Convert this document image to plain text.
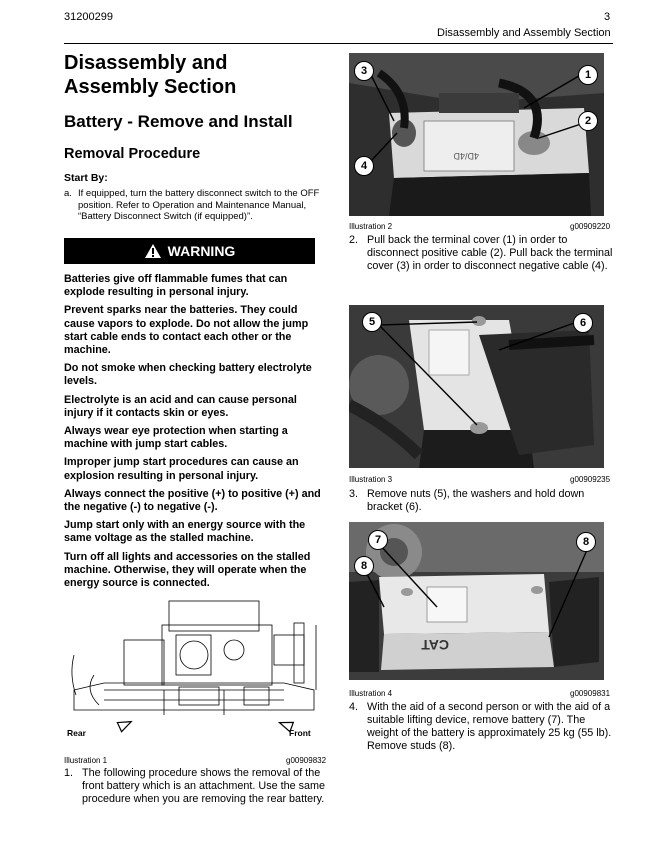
31200299	3
Disassembly and Assembly Section
Disassembly and
Assembly Section
Battery - Remove and Install
Removal Procedure
Start By:
a. If equipped, turn the battery disconnect switch to the OFF position. Refer to Operation and Maintenance Manual, “Battery Disconnect Switch (if equipped)”.
WARNING

Batteries give off flammable fumes that can explode resulting in personal injury.

Prevent sparks near the batteries. They could cause vapors to explode. Do not allow the jump start cable ends to contact each other or the machine.

Do not smoke when checking battery electrolyte levels.

Electrolyte is an acid and can cause personal injury if it contacts skin or eyes.

Always wear eye protection when starting a machine with jump start cables.

Improper jump start procedures can cause an explosion resulting in personal injury.

Always connect the positive (+) to positive (+) and the negative (-) to negative (-).

Jump start only with an energy source with the same voltage as the stalled machine.

Turn off all lights and accessories on the stalled machine. Otherwise, they will operate when the energy source is connected.

Rear	Front
Illustration 1	g00909832
1. The following procedure shows the removal of the front battery which is an attachment. Use the same procedure when you are removing the rear battery.
4D/4D
3	1
2
4
Illustration 2	g00909220
2. Pull back the terminal cover (1) in order to disconnect positive cable (2). Pull back the terminal cover (3) in order to disconnect negative cable (4).
5	6
Illustration 3	g00909235
3. Remove nuts (5), the washers and hold down bracket (6).
CAT
7
8
8
Illustration 4	g00909831
4. With the aid of a second person or with the aid of a suitable lifting device, remove battery (7). The weight of the battery is approximately 25 kg (55 lb). Remove studs (8).
